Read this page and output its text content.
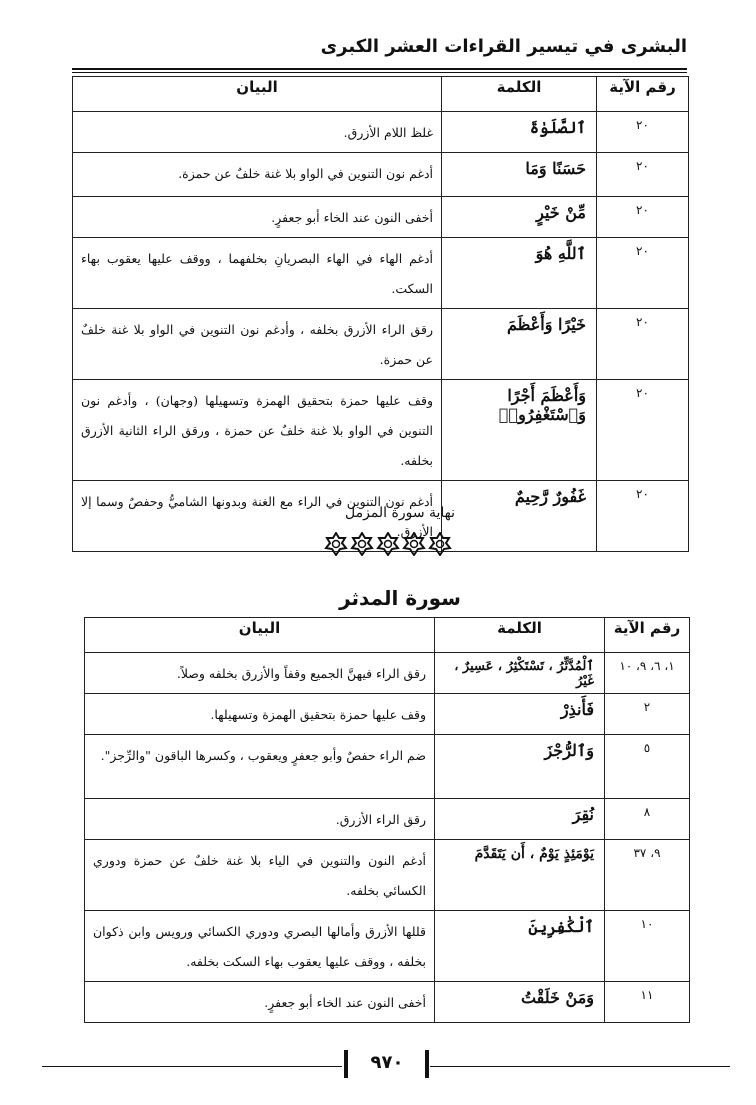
البشرى في تيسير القراءات العشر الكبرى
رقم الآية	الكلمة	البيان
٢٠	ٱلصَّلَوٰةَ	غلظ اللام الأزرق.
٢٠	حَسَنًا وَمَا	أدغم نون التنوين في الواو بلا غنة خلفٌ عن حمزة.
٢٠	مِّنْ خَيْرٍ	أخفى النون عند الخاء أبو جعفرٍ.
٢٠	ٱللَّهِ هُوَ	أدغم الهاء في الهاء البصريانِ بخلفهما ، ووقف عليها يعقوب بهاء السكت.
٢٠	خَيْرًا وَأَعْظَمَ	رقق الراء الأزرق بخلفه ، وأدغم نون التنوين في الواو بلا غنة خلفٌ عن حمزة.
٢٠	وَأَعْظَمَ أَجْرًا وَٱسْتَغْفِرُوا۟	وقف عليها حمزة بتحقيق الهمزة وتسهيلها (وجهان) ، وأدغم نون التنوين في الواو بلا غنة خلفٌ عن حمزة ، ورقق الراء الثانية الأزرق بخلفه.
٢٠	غَفُورٌ رَّحِيمٌ	أدغم نون التنوين في الراء مع الغنة وبدونها الشاميُّ وحفصٌ وسما إلا الأزرق.
نهاية سورة المزمل
سورة المدثر
رقم الآية	الكلمة	البيان
١، ٦، ٩، ١٠	ٱلْمُدَّثِّرُ ، تَسْتَكْثِرُ ، عَسِيرٌ ، غَيْرُ	رقق الراء فيهنَّ الجميع وقفاً والأزرق بخلفه وصلاً.
٢	فَأَنذِرْ	وقف عليها حمزة بتحقيق الهمزة وتسهيلها.
٥	وَٱلرُّجْزَ	ضم الراء حفصٌ وأبو جعفرٍ ويعقوب ، وكسرها الباقون "والرِّجز".
٨	نُقِرَ	رقق الراء الأزرق.
٩، ٣٧	يَوْمَئِذٍ يَوْمٌ ، أَن يَتَقَدَّمَ	أدغم النون والتنوين في الياء بلا غنة خلفٌ عن حمزة ودوري الكسائي بخلفه.
١٠	ٱلْكَٰفِرِينَ	قللها الأزرق وأمالها البصري ودوري الكسائي ورويس وابن ذكوان بخلفه ، ووقف عليها يعقوب بهاء السكت بخلفه.
١١	وَمَنْ خَلَقْتُ	أخفى النون عند الخاء أبو جعفرٍ.
٩٧٠
